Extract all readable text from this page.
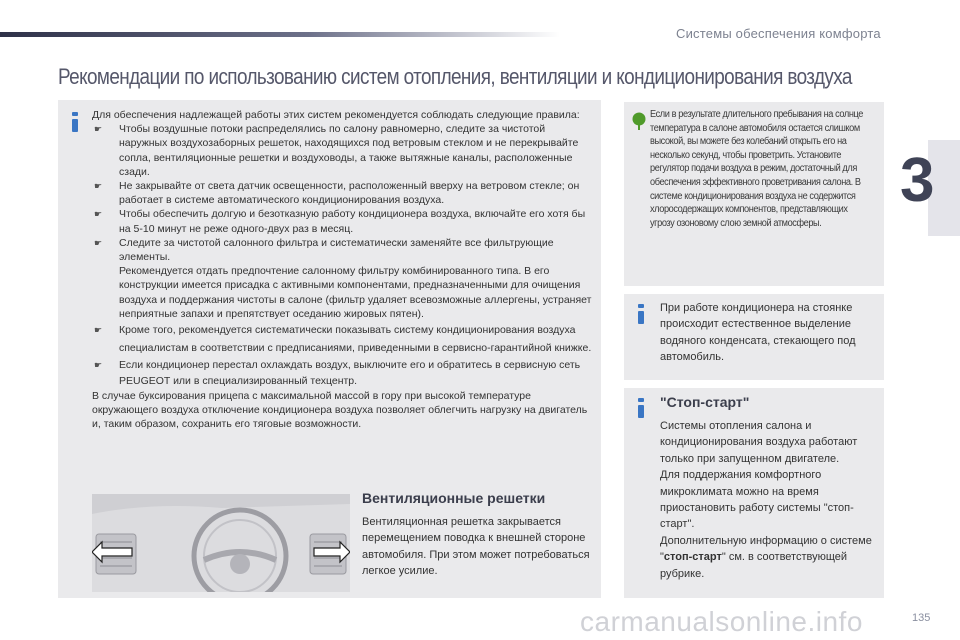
Системы обеспечения комфорта
3
Рекомендации по использованию систем отопления, вентиляции и кондиционирования воздуха

Для обеспечения надлежащей работы этих систем рекомендуется соблюдать следующие правила:

☛ Чтобы воздушные потоки распределялись по салону равномерно, следите за чистотой наружных воздухозаборных решеток, находящихся под ветровым стеклом и не перекрывайте сопла, вентиляционные решетки и воздуховоды, а также вытяжные каналы, расположенные сзади.

☛ Не закрывайте от света датчик освещенности, расположенный вверху на ветровом стекле; он работает в системе автоматического кондиционирования воздуха.

☛ Чтобы обеспечить долгую и безотказную работу кондиционера воздуха, включайте его хотя бы на 5-10 минут не реже одного-двух раз в месяц.

☛ Следите за чистотой салонного фильтра и систематически заменяйте все фильтрующие элементы.

Рекомендуется отдать предпочтение салонному фильтру комбинированного типа. В его конструкции имеется присадка с активными компонентами, предназначенными для очищения воздуха и поддержания чистоты в салоне (фильтр удаляет всевозможные аллергены, устраняет неприятные запахи и препятствует оседанию жировых пятен).

☛ Кроме того, рекомендуется систематически показывать систему кондиционирования воздуха специалистам в соответствии с предписаниями, приведенными в сервисно-гарантийной книжке.

☛ Если кондиционер перестал охлаждать воздух, выключите его и обратитесь в сервисную сеть PEUGEOT или в специализированный техцентр.

В случае буксирования прицепа с максимальной массой в гору при высокой температуре окружающего воздуха отключение кондиционера воздуха позволяет облегчить нагрузку на двигатель и, таким образом, сохранить его тяговые возможности.

Вентиляционные решетки
Вентиляционная решетка закрывается перемещением поводка к внешней стороне автомобиля. При этом может потребоваться легкое усилие.
Если в результате длительного пребывания на солнце температура в салоне автомобиля остается слишком высокой, вы можете без колебаний открыть его на несколько секунд, чтобы проветрить. Установите регулятор подачи воздуха в режим, достаточный для обеспечения эффективного проветривания салона. В системе кондиционирования воздуха не содержится хлоросодержащих компонентов, представляющих угрозу озоновому слою земной атмосферы.
При работе кондиционера на стоянке происходит естественное выделение водяного конденсата, стекающего под автомобиль.
"Стоп-старт"
Системы отопления салона и кондиционирования воздуха работают только при запущенном двигателе.
Для поддержания комфортного микроклимата можно на время приостановить работу системы "стоп-старт".
Дополнительную информацию о системе "стоп-старт" см. в соответствующей рубрике.
135
carmanualsonline.info
